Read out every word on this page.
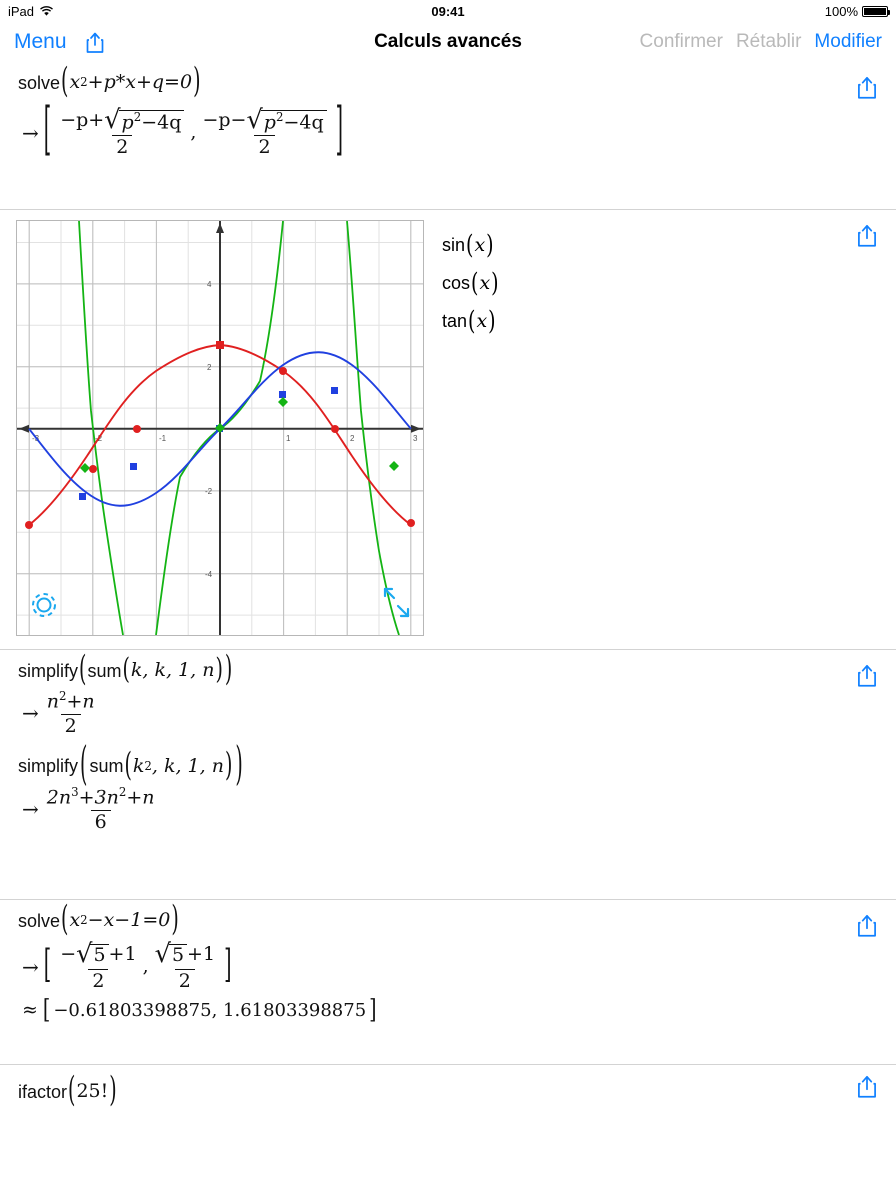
iPad	09:41	100%
Menu	Calculs avancés	Confirmer Rétablir Modifier
solve ( x 2 +p*x+q=0 )
→ [ $\frac{-p+ √ p^2-4q}{2}$ , $\frac{-p- √ p^2-4q}{2}$ ]
-3	-2	-1	1	2	3
4
2
-2
-4
sin(x)
cos(x)
tan(x)
simplify ( sum ( k , k, 1, n ) )
→ $\frac{n^2+n}{2}$
simplify ( sum ( k 2 , k, 1, n ) )
→ $\frac{2n^3+3n^2+n}{6}$
solve ( x 2 −x−1=0 )
→ [ − √ 5 +1
2
, $\frac{√ 5 +1}{2}$ ]
≈ [ −0.61803398875, 1.61803398875 ]
ifactor ( 25! )
